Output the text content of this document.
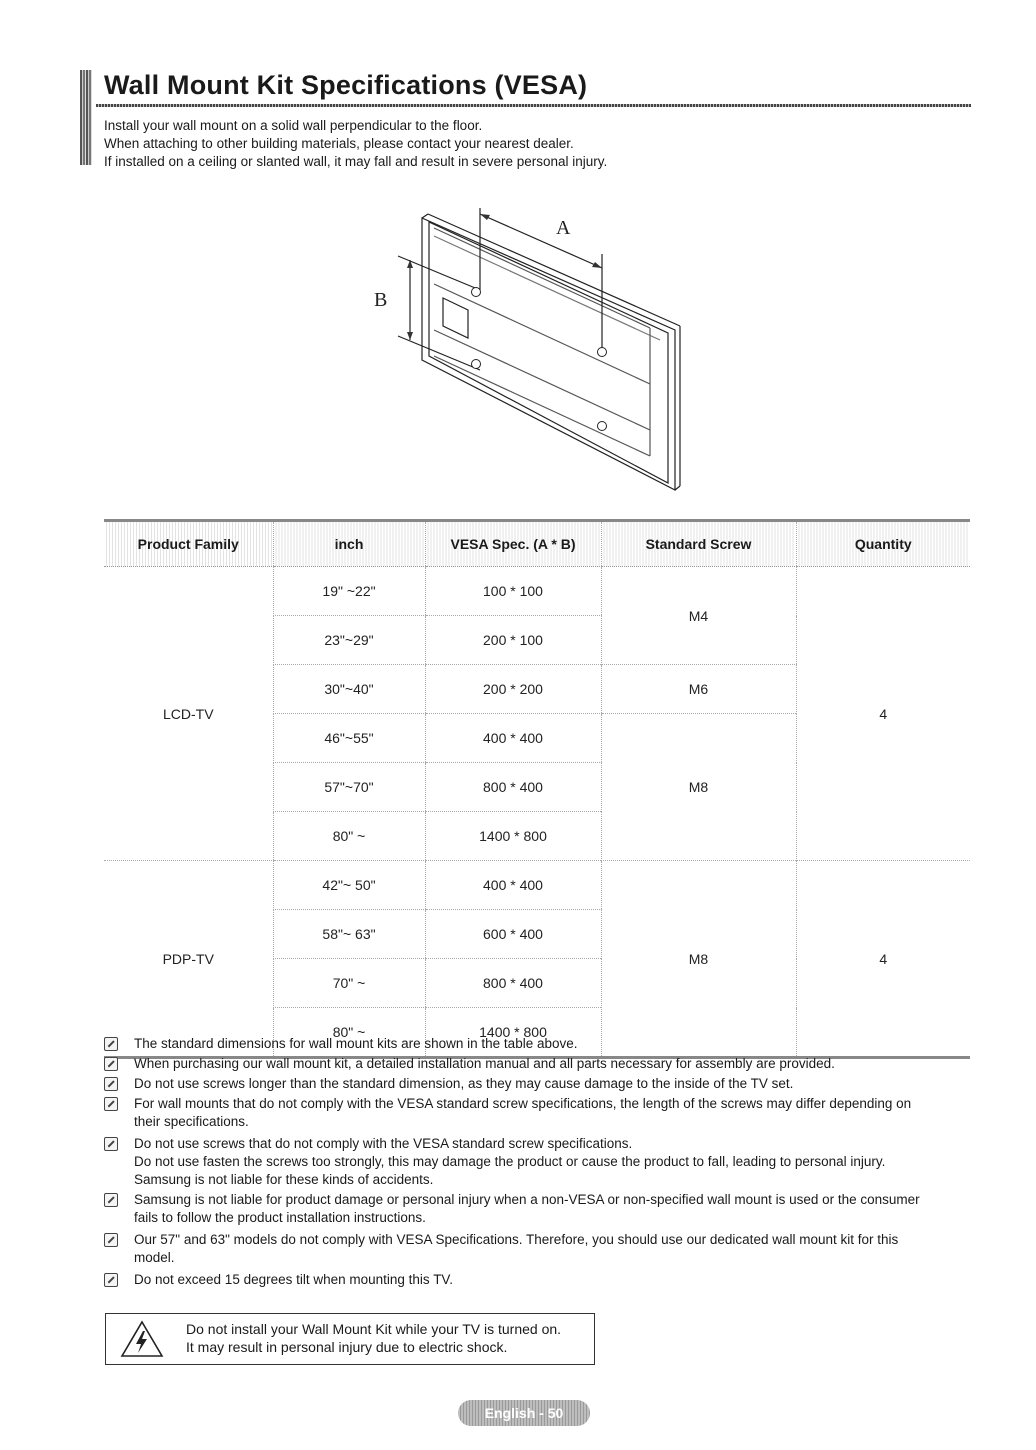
Wall Mount Kit Specifications (VESA)
Install your wall mount on a solid wall perpendicular to the floor.
When attaching to other building materials, please contact your nearest dealer.
If installed on a ceiling or slanted wall, it may fall and result in severe personal injury.
A
B
Product Family	inch	VESA Spec. (A * B)	Standard Screw	Quantity
LCD-TV	19" ~22"	100 * 100	M4	4
	23"~29"	200 * 100		
	30"~40"	200 * 200	M6	
	46"~55"	400 * 400	M8	
	57"~70"	800 * 400		
	80" ~	1400 * 800		
PDP-TV	42"~ 50"	400 * 400	M8	4
	58"~ 63"	600 * 400		
	70" ~	800 * 400		
	80" ~	1400 * 800		
The standard dimensions for wall mount kits are shown in the table above.
When purchasing our wall mount kit, a detailed installation manual and all parts necessary for assembly are provided.
Do not use screws longer than the standard dimension, as they may cause damage to the inside of the TV set.
For wall mounts that do not comply with the VESA standard screw specifications, the length of the screws may differ depending on
their specifications.
Do not use screws that do not comply with the VESA standard screw specifications.
Do not use fasten the screws too strongly, this may damage the product or cause the product to fall, leading to personal injury.
Samsung is not liable for these kinds of accidents.
Samsung is not liable for product damage or personal injury when a non-VESA or non-specified wall mount is used or the consumer
fails to follow the product installation instructions.
Our 57" and 63" models do not comply with VESA Specifications. Therefore, you should use our dedicated wall mount kit for this
model.
Do not exceed 15 degrees tilt when mounting this TV.
Do not install your Wall Mount Kit while your TV is turned on.
It may result in personal injury due to electric shock.
English - 50
